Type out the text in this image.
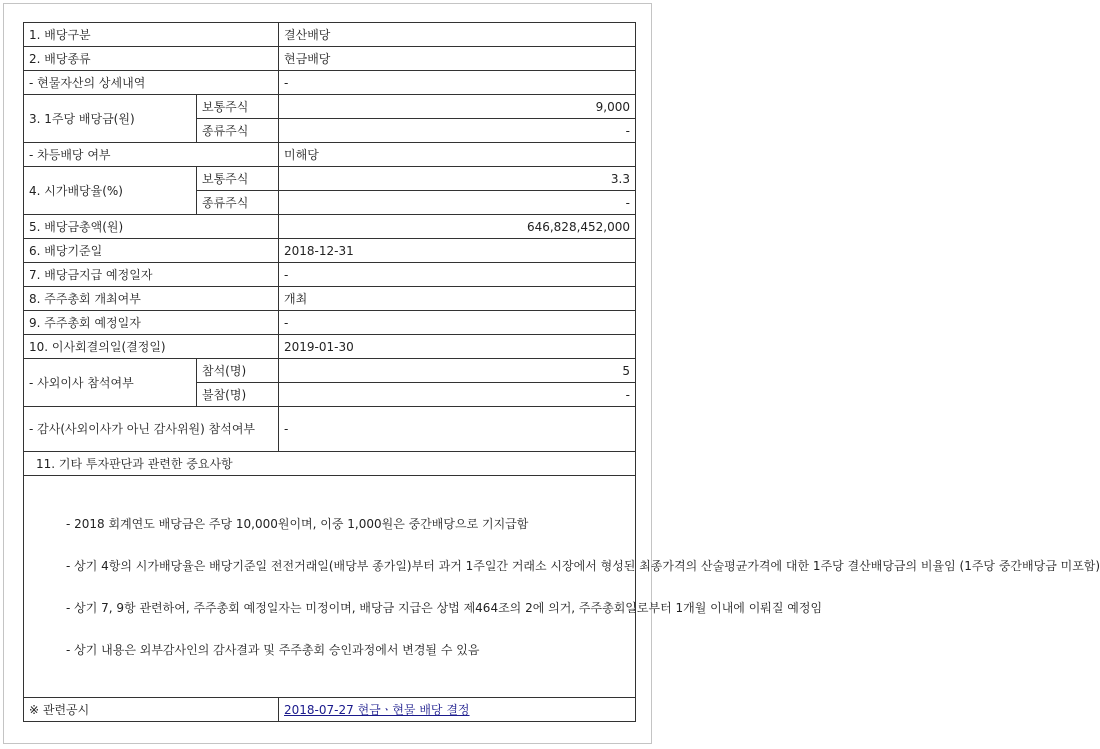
1. 배당구분		결산배당
2. 배당종류		현금배당
- 현물자산의 상세내역		-
3. 1주당 배당금(원)	보통주식	9,000
	종류주식	-
- 차등배당 여부		미해당
4. 시가배당율(%)	보통주식	3.3
	종류주식	-
5. 배당금총액(원)		646,828,452,000
6. 배당기준일		2018-12-31
7. 배당금지급 예정일자		-
8. 주주총회 개최여부		개최
9. 주주총회 예정일자		-
10. 이사회결의일(결정일)		2019-01-30
- 사외이사 참석여부	참석(명)	5
	불참(명)	-
- 감사(사외이사가 아닌 감사위원) 참석여부		-
11. 기타 투자판단과 관련한 중요사항		

- 2018 회계연도 배당금은 주당 10,000원이며, 이중 1,000원은 중간배당으로 기지급함
- 상기 4항의 시가배당율은 배당기준일 전전거래일(배당부 종가일)부터 과거 1주일간 거래소 시장에서 형성된 최종가격의 산술평균가격에 대한 1주당 결산배당금의 비율임 (1주당 중간배당금 미포함)
- 상기 7, 9항 관련하여, 주주총회 예정일자는 미정이며, 배당금 지급은 상법 제464조의 2에 의거, 주주총회일로부터 1개월 이내에 이뤄질 예정임
- 상기 내용은 외부감사인의 감사결과 및 주주총회 승인과정에서 변경될 수 있음		

※ 관련공시		2018-07-27 현금ㆍ현물 배당 결정
